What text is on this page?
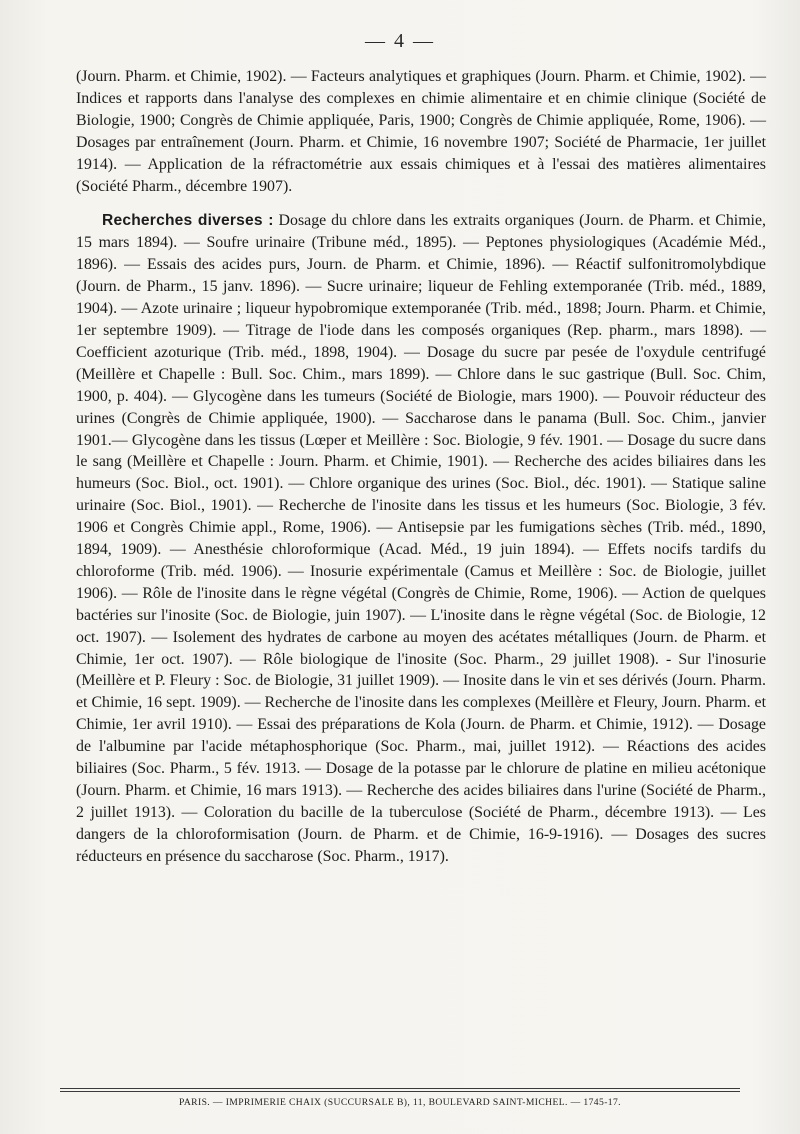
— 4 —

(Journ. Pharm. et Chimie, 1902). — Facteurs analytiques et graphiques (Journ. Pharm. et Chimie, 1902). — Indices et rapports dans l'analyse des complexes en chimie alimentaire et en chimie clinique (Société de Biologie, 1900; Congrès de Chimie appliquée, Paris, 1900; Congrès de Chimie appliquée, Rome, 1906). — Dosages par entraînement (Journ. Pharm. et Chimie, 16 novembre 1907; Société de Pharmacie, 1er juillet 1914). — Application de la réfractométrie aux essais chimiques et à l'essai des matières alimentaires (Société Pharm., décembre 1907).

Recherches diverses : Dosage du chlore dans les extraits organiques (Journ. de Pharm. et Chimie, 15 mars 1894). — Soufre urinaire (Tribune méd., 1895). — Peptones physiologiques (Académie Méd., 1896). — Essais des acides purs, Journ. de Pharm. et Chimie, 1896). — Réactif sulfonitromolybdique (Journ. de Pharm., 15 janv. 1896). — Sucre urinaire; liqueur de Fehling extemporanée (Trib. méd., 1889, 1904). — Azote urinaire ; liqueur hypobromique extemporanée (Trib. méd., 1898; Journ. Pharm. et Chimie, 1er septembre 1909). — Titrage de l'iode dans les composés organiques (Rep. pharm., mars 1898). — Coefficient azoturique (Trib. méd., 1898, 1904). — Dosage du sucre par pesée de l'oxydule centrifugé (Meillère et Chapelle : Bull. Soc. Chim., mars 1899). — Chlore dans le suc gastrique (Bull. Soc. Chim, 1900, p. 404). — Glycogène dans les tumeurs (Société de Biologie, mars 1900). — Pouvoir réducteur des urines (Congrès de Chimie appliquée, 1900). — Saccharose dans le panama (Bull. Soc. Chim., janvier 1901.— Glycogène dans les tissus (Lœper et Meillère : Soc. Biologie, 9 fév. 1901. — Dosage du sucre dans le sang (Meillère et Chapelle : Journ. Pharm. et Chimie, 1901). — Recherche des acides biliaires dans les humeurs (Soc. Biol., oct. 1901). — Chlore organique des urines (Soc. Biol., déc. 1901). — Statique saline urinaire (Soc. Biol., 1901). — Recherche de l'inosite dans les tissus et les humeurs (Soc. Biologie, 3 fév. 1906 et Congrès Chimie appl., Rome, 1906). — Antisepsie par les fumigations sèches (Trib. méd., 1890, 1894, 1909). — Anesthésie chloroformique (Acad. Méd., 19 juin 1894). — Effets nocifs tardifs du chloroforme (Trib. méd. 1906). — Inosurie expérimentale (Camus et Meillère : Soc. de Biologie, juillet 1906). — Rôle de l'inosite dans le règne végétal (Congrès de Chimie, Rome, 1906). — Action de quelques bactéries sur l'inosite (Soc. de Biologie, juin 1907). — L'inosite dans le règne végétal (Soc. de Biologie, 12 oct. 1907). — Isolement des hydrates de carbone au moyen des acétates métalliques (Journ. de Pharm. et Chimie, 1er oct. 1907). — Rôle biologique de l'inosite (Soc. Pharm., 29 juillet 1908). - Sur l'inosurie (Meillère et P. Fleury : Soc. de Biologie, 31 juillet 1909). — Inosite dans le vin et ses dérivés (Journ. Pharm. et Chimie, 16 sept. 1909). — Recherche de l'inosite dans les complexes (Meillère et Fleury, Journ. Pharm. et Chimie, 1er avril 1910). — Essai des préparations de Kola (Journ. de Pharm. et Chimie, 1912). — Dosage de l'albumine par l'acide métaphosphorique (Soc. Pharm., mai, juillet 1912). — Réactions des acides biliaires (Soc. Pharm., 5 fév. 1913. — Dosage de la potasse par le chlorure de platine en milieu acétonique (Journ. Pharm. et Chimie, 16 mars 1913). — Recherche des acides biliaires dans l'urine (Société de Pharm., 2 juillet 1913). — Coloration du bacille de la tuberculose (Société de Pharm., décembre 1913). — Les dangers de la chloroformisation (Journ. de Pharm. et de Chimie, 16-9-1916). — Dosages des sucres réducteurs en présence du saccharose (Soc. Pharm., 1917).

PARIS. — IMPRIMERIE CHAIX (SUCCURSALE B), 11, BOULEVARD SAINT-MICHEL. — 1745-17.
